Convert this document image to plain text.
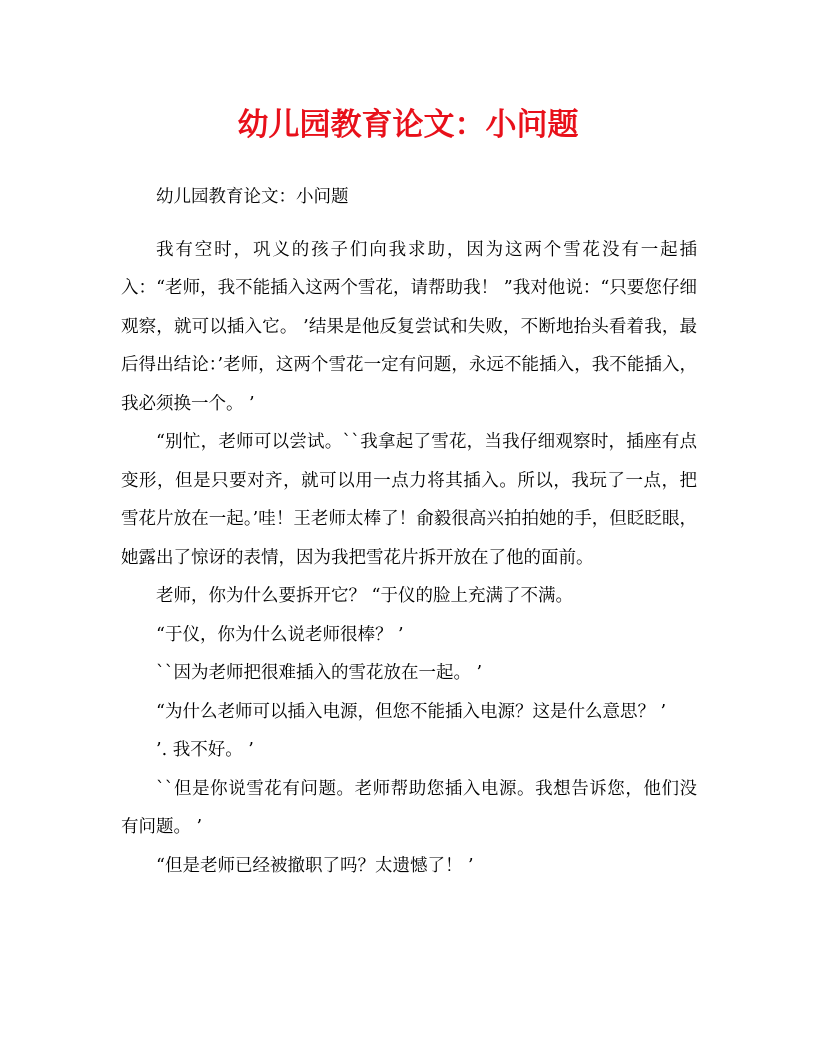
幼儿园教育论文：小问题

幼儿园教育论文：小问题

我有空时，巩义的孩子们向我求助，因为这两个雪花没有一起插入：“老师，我不能插入这两个雪花，请帮助我！ ”我对他说：“只要您仔细观察，就可以插入它。 ’结果是他反复尝试和失败，不断地抬头看着我，最后得出结论：’老师，这两个雪花一定有问题，永远不能插入，我不能插入，我必须换一个。 ’

“别忙，老师可以尝试。``我拿起了雪花，当我仔细观察时，插座有点变形，但是只要对齐，就可以用一点力将其插入。所以，我玩了一点，把雪花片放在一起。’哇！王老师太棒了！俞毅很高兴拍拍她的手，但眨眨眼，她露出了惊讶的表情，因为我把雪花片拆开放在了他的面前。

老师，你为什么要拆开它？ “于仪的脸上充满了不满。

“于仪，你为什么说老师很棒？ ’

``因为老师把很难插入的雪花放在一起。 ’

“为什么老师可以插入电源，但您不能插入电源？这是什么意思？ ’

’. 我不好。 ’

``但是你说雪花有问题。老师帮助您插入电源。我想告诉您，他们没有问题。 ’

“但是老师已经被撤职了吗？太遗憾了！ ’
